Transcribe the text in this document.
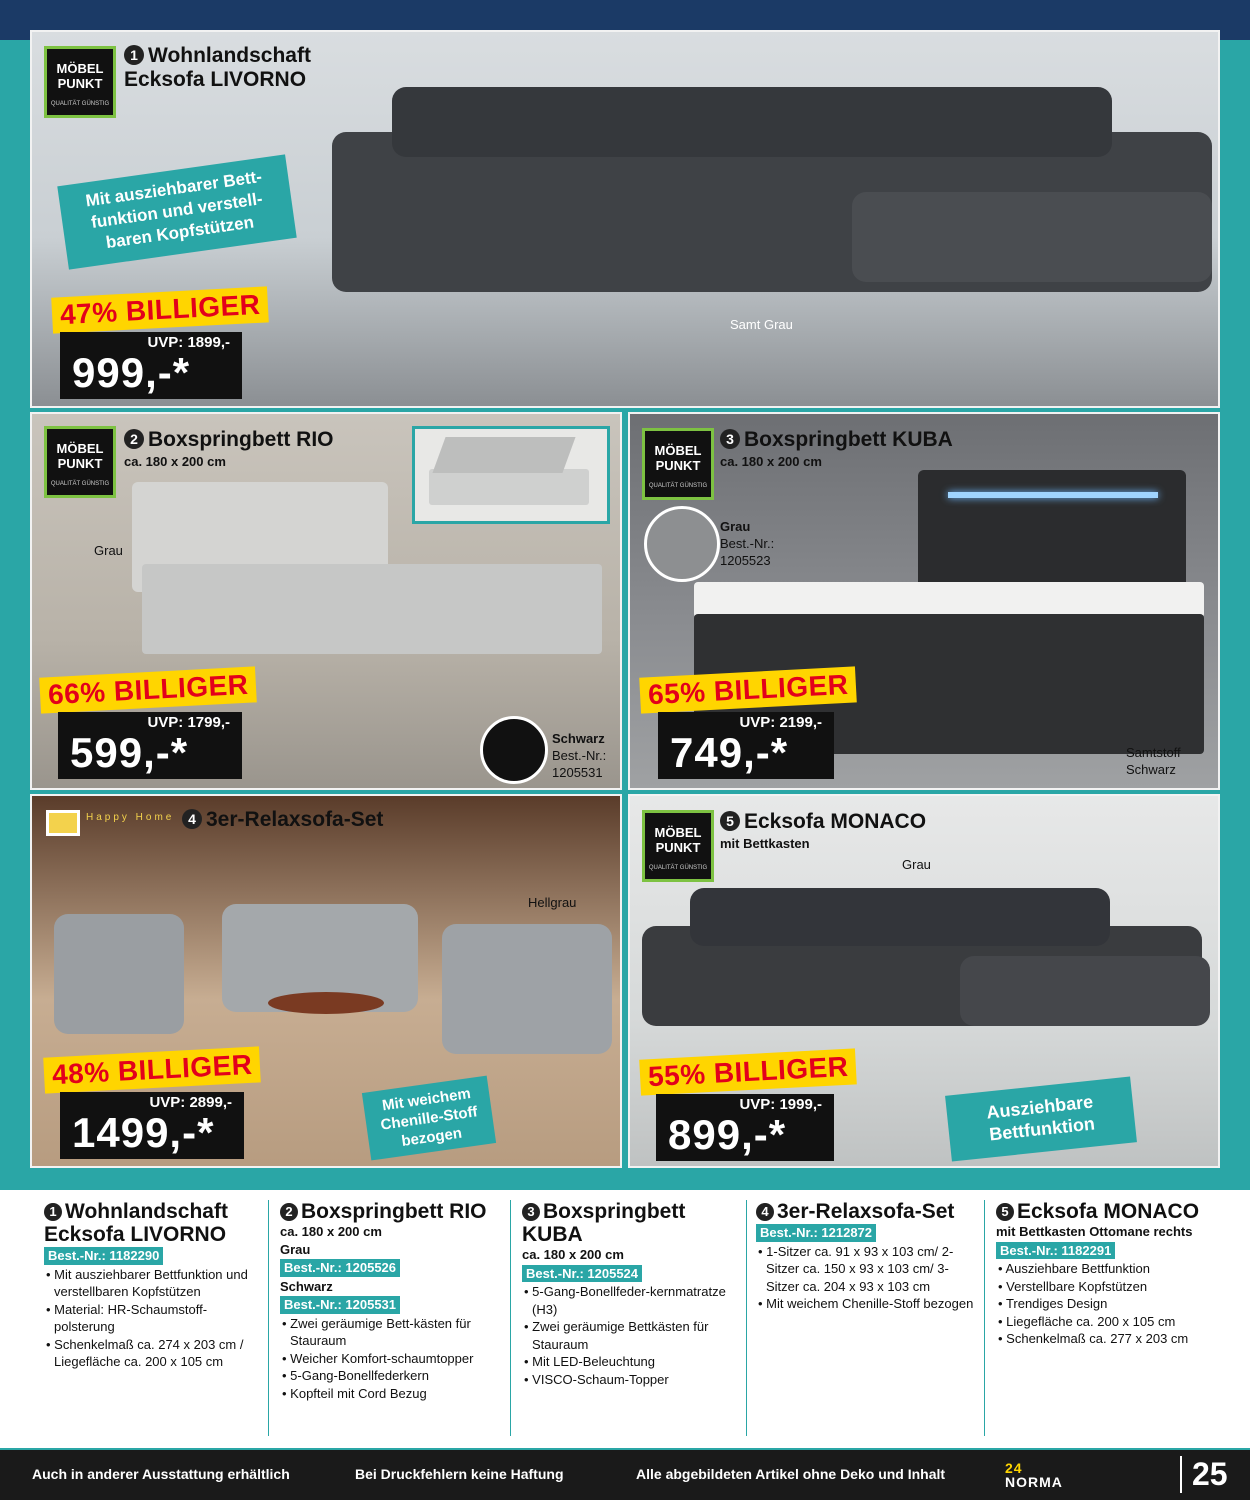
MÖBEL
PUNKT
QUALITÄT GÜNSTIG
1 Wohnlandschaft
Ecksofa LIVORNO
Mit ausziehbarer Bett-funktion und verstell-baren Kopfstützen
Samt Grau
47% BILLIGER
UVP: 1899,-
999,-*
MÖBEL
PUNKT
QUALITÄT GÜNSTIG
2 Boxspringbett RIO
ca. 180 x 200 cm
Grau
Schwarz
Best.-Nr.:
1205531
66% BILLIGER
UVP: 1799,-
599,-*
MÖBEL
PUNKT
QUALITÄT GÜNSTIG
3 Boxspringbett KUBA
ca. 180 x 200 cm
Grau
Best.-Nr.:
1205523
Samtstoff Schwarz
65% BILLIGER
UVP: 2199,-
749,-*
Happy Home 4 3er-Relaxsofa-Set
Hellgrau
Mit weichem Chenille-Stoff bezogen
48% BILLIGER
UVP: 2899,-
1499,-*
MÖBEL
PUNKT
QUALITÄT GÜNSTIG
5 Ecksofa MONACO
mit Bettkasten
Grau
Ausziehbare Bettfunktion
55% BILLIGER
UVP: 1999,-
899,-*
1 Wohnlandschaft
Ecksofa LIVORNO
Best.-Nr.: 1182290
• Mit ausziehbarer Bettfunktion und verstellbaren Kopfstützen
• Material: HR-Schaumstoff-polsterung
• Schenkelmaß ca. 274 x 203 cm / Liegefläche ca. 200 x 105 cm
2 Boxspringbett RIO
ca. 180 x 200 cm
Grau
Best.-Nr.: 1205526
Schwarz
Best.-Nr.: 1205531
• Zwei geräumige Bett-kästen für Stauraum
• Weicher Komfort-schaumtopper
• 5-Gang-Bonellfederkern
• Kopfteil mit Cord Bezug
3 Boxspringbett
KUBA
ca. 180 x 200 cm
Best.-Nr.: 1205524
• 5-Gang-Bonellfeder-kernmatratze (H3)
• Zwei geräumige Bettkästen für Stauraum
• Mit LED-Beleuchtung
• VISCO-Schaum-Topper
4 3er-Relaxsofa-Set
Best.-Nr.: 1212872
• 1-Sitzer ca. 91 x 93 x 103 cm/ 2-Sitzer ca. 150 x 93 x 103 cm/ 3-Sitzer ca. 204 x 93 x 103 cm
• Mit weichem Chenille-Stoff bezogen
5 Ecksofa MONACO
mit Bettkasten Ottomane rechts
Best.-Nr.: 1182291
• Ausziehbare Bettfunktion
• Verstellbare Kopfstützen
• Trendiges Design
• Liegefläche ca. 200 x 105 cm
• Schenkelmaß ca. 277 x 203 cm
Auch in anderer Ausstattung erhältlich	Bei Druckfehlern keine Haftung	Alle abgebildeten Artikel ohne Deko und Inhalt	NORMA
$^{24}$	25
